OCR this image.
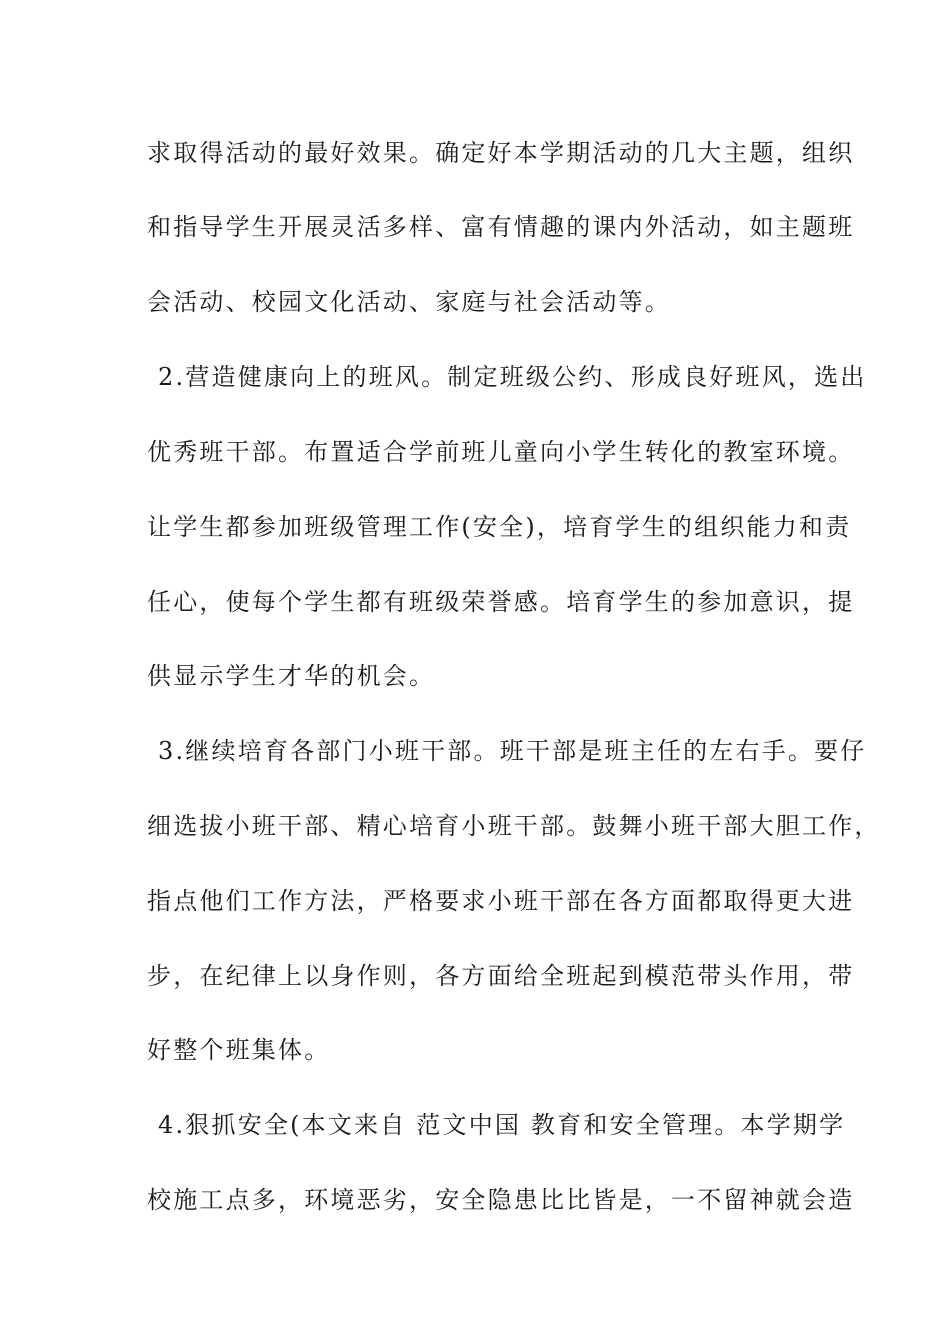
求取得活动的最好效果。确定好本学期活动的几大主题，组织
和指导学生开展灵活多样、富有情趣的课内外活动，如主题班
会活动、校园文化活动、家庭与社会活动等。
2.营造健康向上的班风。制定班级公约、形成良好班风，选出
优秀班干部。布置适合学前班儿童向小学生转化的教室环境。
让学生都参加班级管理工作(安全)，培育学生的组织能力和责
任心，使每个学生都有班级荣誉感。培育学生的参加意识，提
供显示学生才华的机会。
3.继续培育各部门小班干部。班干部是班主任的左右手。要仔
细选拔小班干部、精心培育小班干部。鼓舞小班干部大胆工作，
指点他们工作方法，严格要求小班干部在各方面都取得更大进
步，在纪律上以身作则，各方面给全班起到模范带头作用，带
好整个班集体。
4.狠抓安全(本文来自 范文中国 教育和安全管理。本学期学
校施工点多，环境恶劣，安全隐患比比皆是，一不留神就会造
